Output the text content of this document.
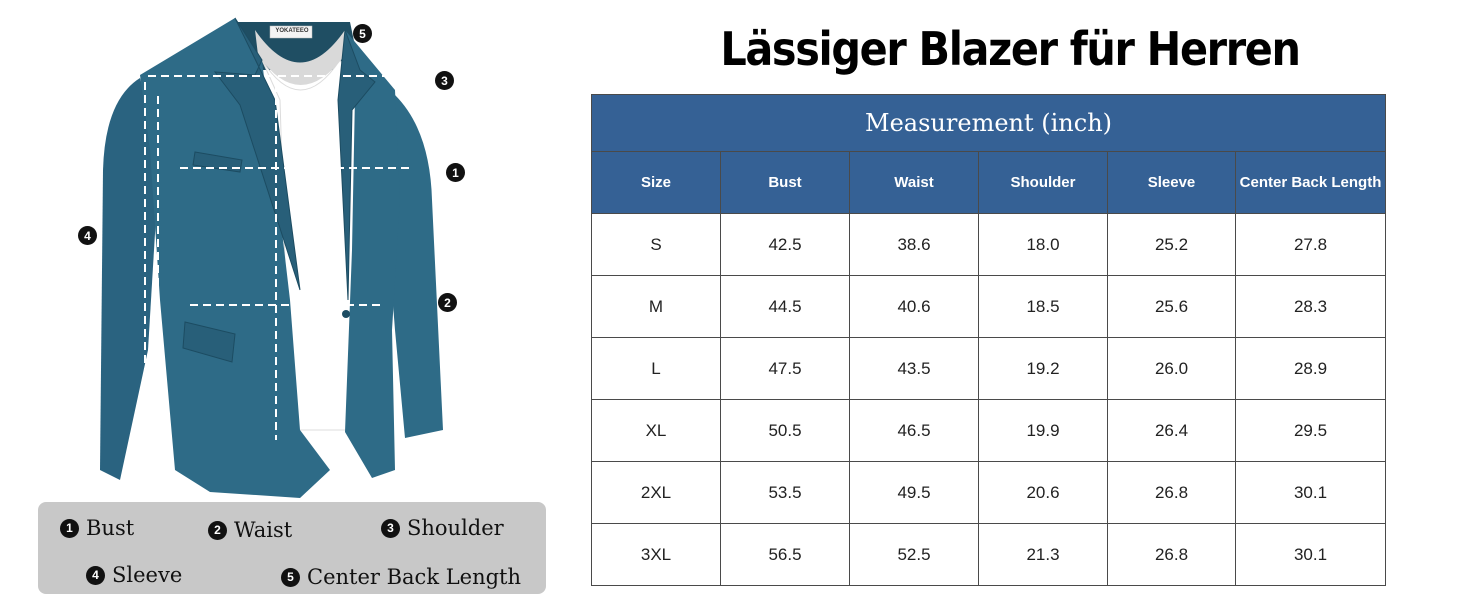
YOKATEEO	5
3
1
4
2
1 Bust	2 Waist	3 Shoulder
4 Sleeve	5 Center Back Length
Lässiger Blazer für Herren
Measurement (inch)					
Size	Bust	Waist	Shoulder	Sleeve	Center Back Length
S	42.5	38.6	18.0	25.2	27.8
M	44.5	40.6	18.5	25.6	28.3
L	47.5	43.5	19.2	26.0	28.9
XL	50.5	46.5	19.9	26.4	29.5
2XL	53.5	49.5	20.6	26.8	30.1
3XL	56.5	52.5	21.3	26.8	30.1
